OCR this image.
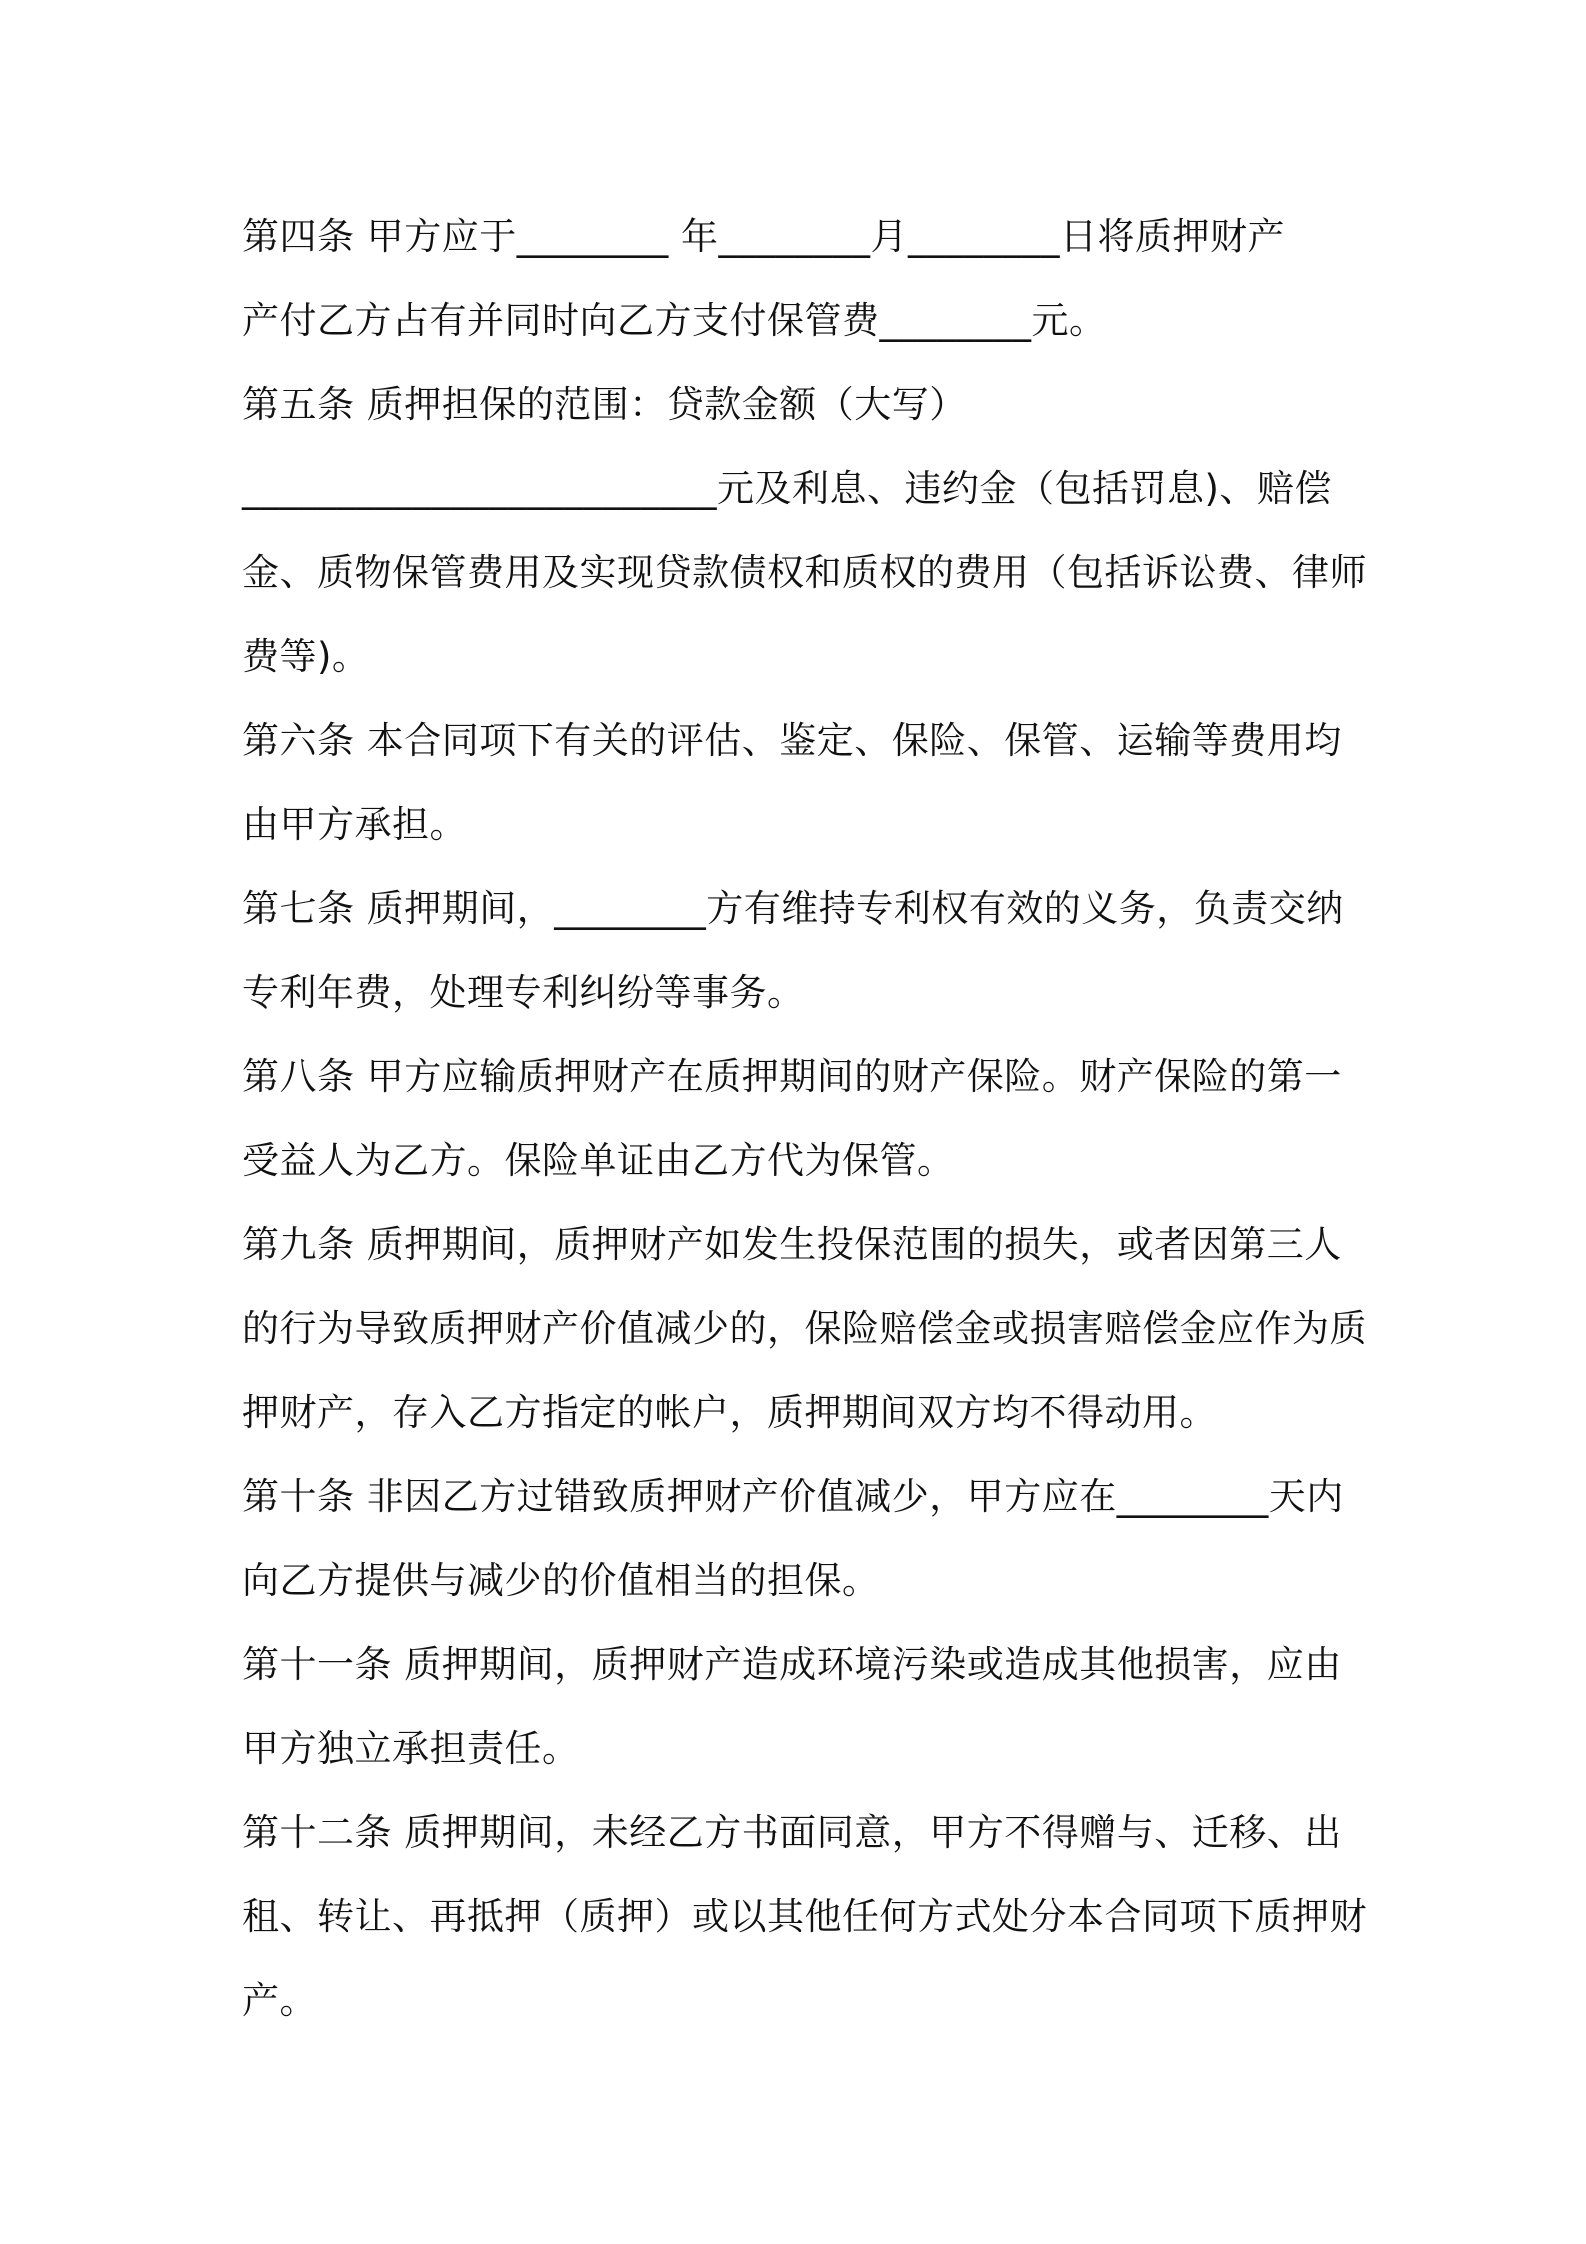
第四条 甲方应于________ 年________月________日将质押财产
产付乙方占有并同时向乙方支付保管费________元。
第五条 质押担保的范围：贷款金额（大写）
_________________________元及利息、违约金（包括罚息)、赔偿
金、质物保管费用及实现贷款债权和质权的费用（包括诉讼费、律师
费等)。
第六条 本合同项下有关的评估、鉴定、保险、保管、运输等费用均
由甲方承担。
第七条 质押期间，________方有维持专利权有效的义务，负责交纳
专利年费，处理专利纠纷等事务。
第八条 甲方应输质押财产在质押期间的财产保险。财产保险的第一
受益人为乙方。保险单证由乙方代为保管。
第九条 质押期间，质押财产如发生投保范围的损失，或者因第三人
的行为导致质押财产价值减少的，保险赔偿金或损害赔偿金应作为质
押财产，存入乙方指定的帐户，质押期间双方均不得动用。
第十条 非因乙方过错致质押财产价值减少，甲方应在________天内
向乙方提供与减少的价值相当的担保。
第十一条 质押期间，质押财产造成环境污染或造成其他损害，应由
甲方独立承担责任。
第十二条 质押期间，未经乙方书面同意，甲方不得赠与、迁移、出
租、转让、再抵押（质押）或以其他任何方式处分本合同项下质押财
产。
